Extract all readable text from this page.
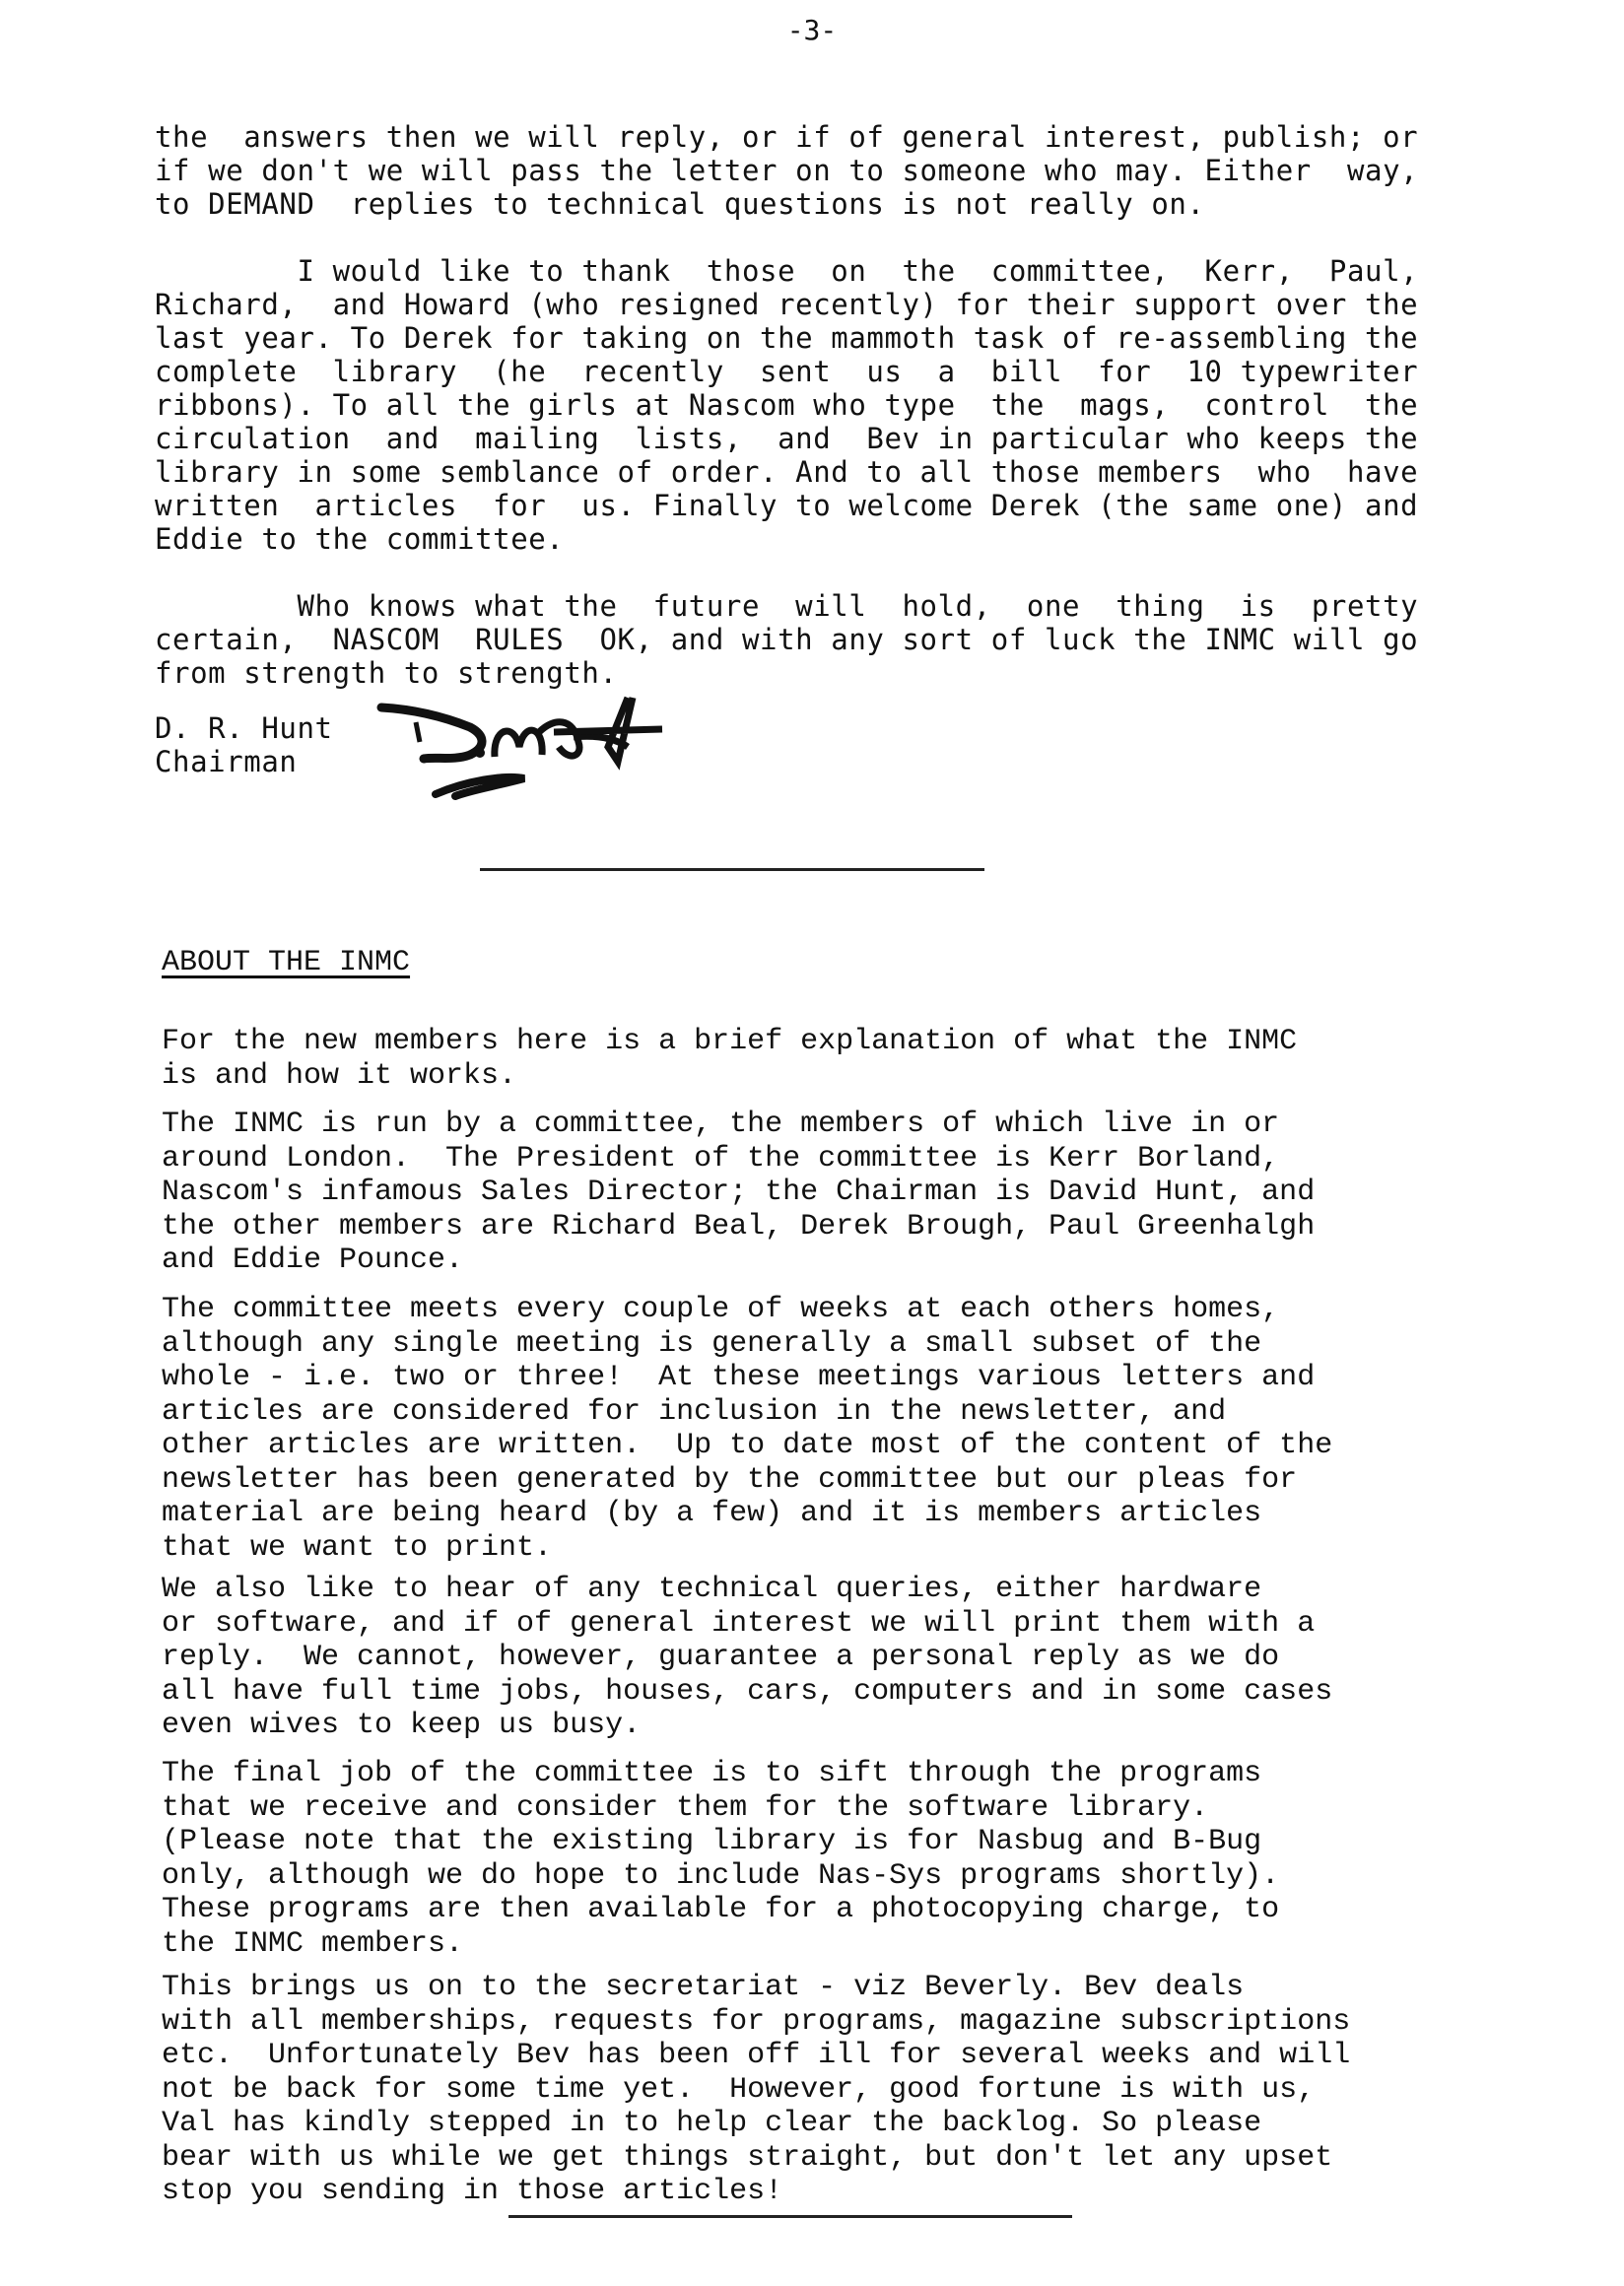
-3-

the  answers then we will reply, or if of general interest, publish; or
if we don't we will pass the letter on to someone who may. Either  way,
to DEMAND  replies to technical questions is not really on.

I would like to thank  those  on  the  committee,  Kerr,  Paul,
Richard,  and Howard (who resigned recently) for their support over the
last year. To Derek for taking on the mammoth task of re-assembling the
complete  library  (he  recently  sent  us  a  bill  for  10 typewriter
ribbons). To all the girls at Nascom who type  the  mags,  control  the
circulation  and  mailing  lists,  and  Bev in particular who keeps the
library in some semblance of order. And to all those members  who  have
written  articles  for  us. Finally to welcome Derek (the same one) and
Eddie to the committee.

Who knows what the  future  will  hold,  one  thing  is  pretty
certain,  NASCOM  RULES  OK, and with any sort of luck the INMC will go
from strength to strength.

D. R. Hunt
Chairman
ABOUT THE INMC

For the new members here is a brief explanation of what the INMC

is and how it works.

The INMC is run by a committee, the members of which live in or

around London.  The President of the committee is Kerr Borland,

Nascom's infamous Sales Director; the Chairman is David Hunt, and

the other members are Richard Beal, Derek Brough, Paul Greenhalgh

and Eddie Pounce.

The committee meets every couple of weeks at each others homes,

although any single meeting is generally a small subset of the

whole - i.e. two or three!  At these meetings various letters and

articles are considered for inclusion in the newsletter, and

other articles are written.  Up to date most of the content of the

newsletter has been generated by the committee but our pleas for

material are being heard (by a few) and it is members articles

that we want to print.

We also like to hear of any technical queries, either hardware

or software, and if of general interest we will print them with a

reply.  We cannot, however, guarantee a personal reply as we do

all have full time jobs, houses, cars, computers and in some cases

even wives to keep us busy.

The final job of the committee is to sift through the programs

that we receive and consider them for the software library.

(Please note that the existing library is for Nasbug and B-Bug

only, although we do hope to include Nas-Sys programs shortly).

These programs are then available for a photocopying charge, to

the INMC members.

This brings us on to the secretariat - viz Beverly. Bev deals

with all memberships, requests for programs, magazine subscriptions

etc.  Unfortunately Bev has been off ill for several weeks and will

not be back for some time yet.  However, good fortune is with us,

Val has kindly stepped in to help clear the backlog. So please

bear with us while we get things straight, but don't let any upset

stop you sending in those articles!
